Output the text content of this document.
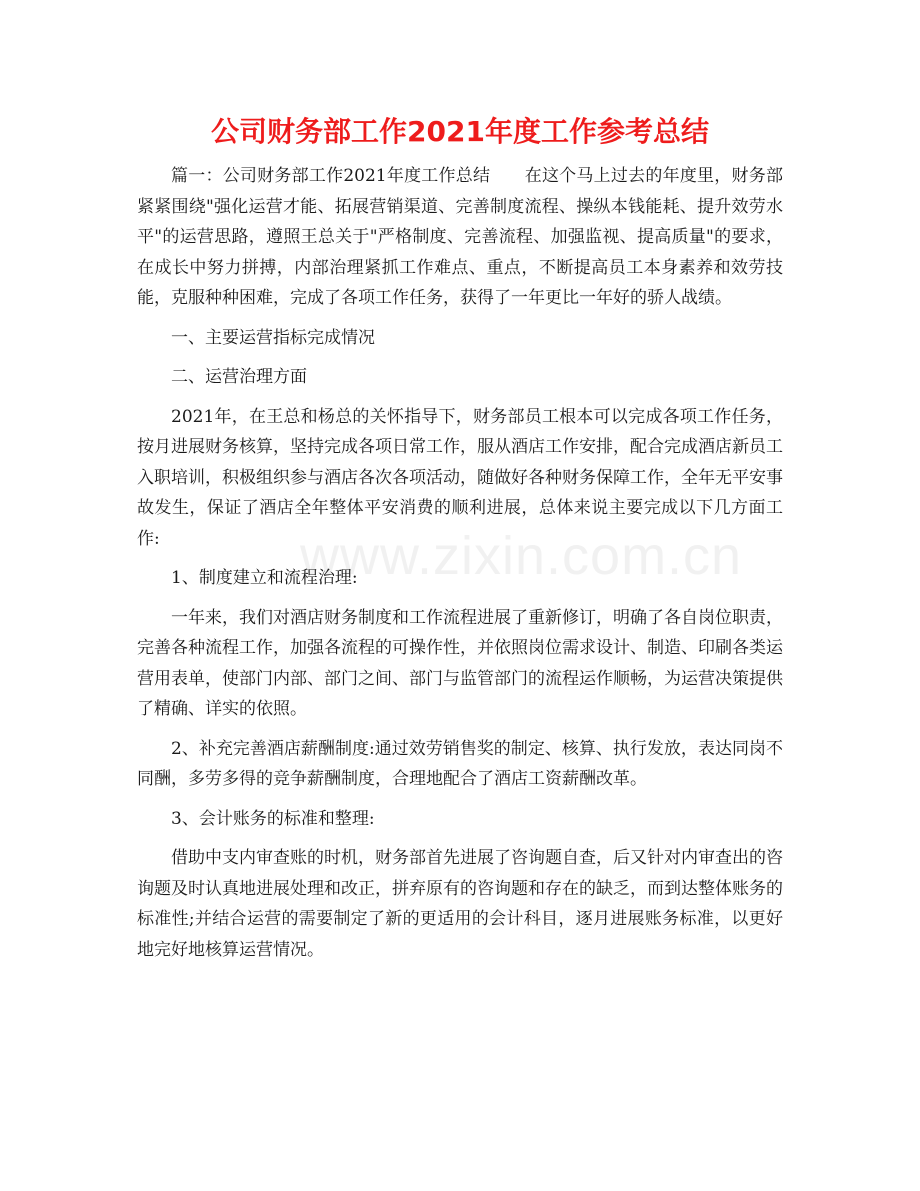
www.zixin.com.cn
公司财务部工作2021年度工作参考总结

篇一：公司财务部工作2021年度工作总结　　在这个马上过去的年度里，财务部紧紧围绕"强化运营才能、拓展营销渠道、完善制度流程、操纵本钱能耗、提升效劳水平"的运营思路，遵照王总关于"严格制度、完善流程、加强监视、提高质量"的要求，在成长中努力拼搏，内部治理紧抓工作难点、重点，不断提高员工本身素养和效劳技能，克服种种困难，完成了各项工作任务，获得了一年更比一年好的骄人战绩。

一、主要运营指标完成情况

二、运营治理方面

2021年，在王总和杨总的关怀指导下，财务部员工根本可以完成各项工作任务，按月进展财务核算，坚持完成各项日常工作，服从酒店工作安排，配合完成酒店新员工入职培训，积极组织参与酒店各次各项活动，随做好各种财务保障工作，全年无平安事故发生，保证了酒店全年整体平安消费的顺利进展，总体来说主要完成以下几方面工作:

1、制度建立和流程治理:

一年来，我们对酒店财务制度和工作流程进展了重新修订，明确了各自岗位职责，完善各种流程工作，加强各流程的可操作性，并依照岗位需求设计、制造、印刷各类运营用表单，使部门内部、部门之间、部门与监管部门的流程运作顺畅，为运营决策提供了精确、详实的依照。

2、补充完善酒店薪酬制度:通过效劳销售奖的制定、核算、执行发放，表达同岗不同酬，多劳多得的竞争薪酬制度，合理地配合了酒店工资薪酬改革。

3、会计账务的标准和整理:

借助中支内审查账的时机，财务部首先进展了咨询题自查，后又针对内审查出的咨询题及时认真地进展处理和改正，拼弃原有的咨询题和存在的缺乏，而到达整体账务的标准性;并结合运营的需要制定了新的更适用的会计科目，逐月进展账务标准，以更好地完好地核算运营情况。
